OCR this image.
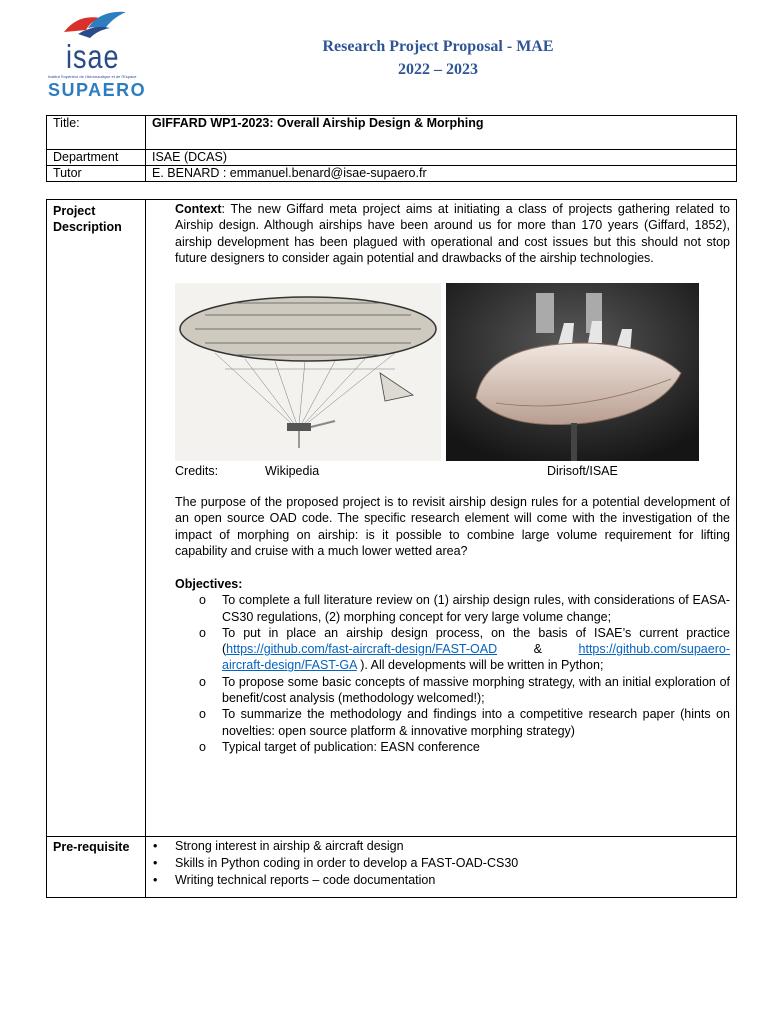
isae
Institut Supérieur de l'Aéronautique et de l'Espace
SUPAERO
Research Project Proposal - MAE
2022 – 2023
Title:	GIFFARD WP1-2023: Overall Airship Design & Morphing
Department	ISAE (DCAS)
Tutor	E. BENARD : emmanuel.benard@isae-supaero.fr
Project
Description

Context: The new Giffard meta project aims at initiating a class of projects gathering related to Airship design. Although airships have been around us for more than 170 years (Giffard, 1852), airship development has been plagued with operational and cost issues but this should not stop future designers to consider again potential and drawbacks of the airship technologies.

Credits:	Wikipedia	Dirisoft/ISAE
The purpose of the proposed project is to revisit airship design rules for a potential development of an open source OAD code. The specific research element will come with the investigation of the impact of morphing on airship: is it possible to combine large volume requirement for lifting capability and cruise with a much lower wetted area?
Objectives:
o To complete a full literature review on (1) airship design rules, with considerations of EASA-CS30 regulations, (2) morphing concept for very large volume change;
o To put in place an airship design process, on the basis of ISAE’s current practice (https://github.com/fast-aircraft-design/FAST-OAD      &      https://github.com/supaero-aircraft-design/FAST-GA ). All developments will be written in Python;
o To propose some basic concepts of massive morphing strategy, with an initial exploration of benefit/cost analysis (methodology welcomed!);
o To summarize the methodology and findings into a competitive research paper (hints on novelties: open source platform & innovative morphing strategy)
o Typical target of publication: EASN conference
Pre-requisite • Strong interest in airship & aircraft design
• Skills in Python coding in order to develop a FAST-OAD-CS30
• Writing technical reports – code documentation
